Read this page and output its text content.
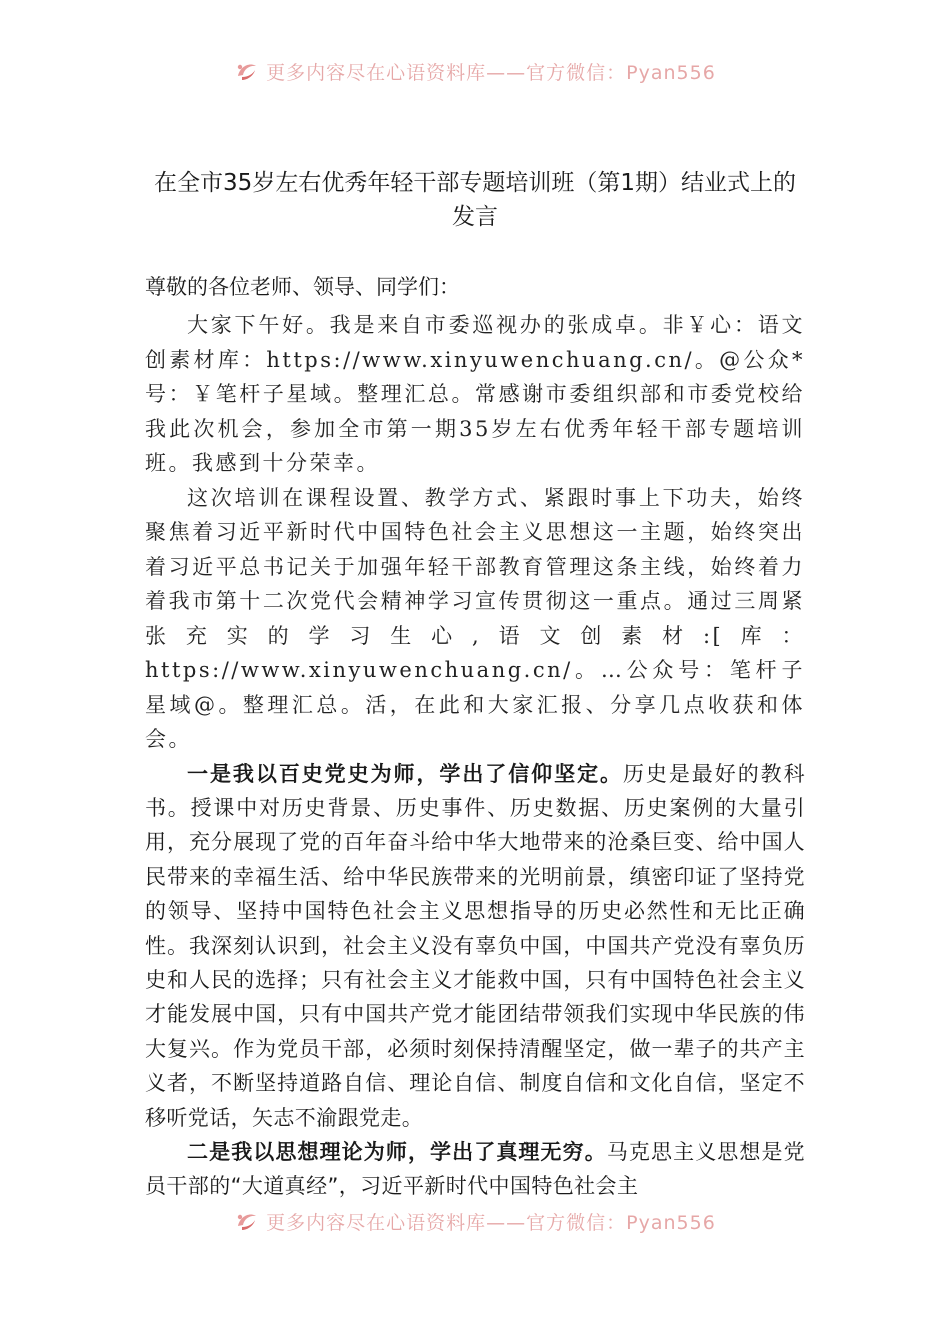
更多内容尽在心语资料库——官方微信：Pyan556
在全市35岁左右优秀年轻干部专题培训班（第1期）结业式上的发言

尊敬的各位老师、领导、同学们：

大家下午好。我是来自市委巡视办的张成卓。非￥心：语文创素材库：https://www.xinyuwenchuang.cn/。@公众*号：￥笔杆子星域。整理汇总。常感谢市委组织部和市委党校给我此次机会，参加全市第一期35岁左右优秀年轻干部专题培训班。我感到十分荣幸。

这次培训在课程设置、教学方式、紧跟时事上下功夫，始终聚焦着习近平新时代中国特色社会主义思想这一主题，始终突出着习近平总书记关于加强年轻干部教育管理这条主线，始终着力着我市第十二次党代会精神学习宣传贯彻这一重点。通过三周紧张充实的学习生心,语文创素材:[库：https://www.xinyuwenchuang.cn/。…公众号：笔杆子星域@。整理汇总。活，在此和大家汇报、分享几点收获和体会。

一是我以百史党史为师，学出了信仰坚定。历史是最好的教科书。授课中对历史背景、历史事件、历史数据、历史案例的大量引用，充分展现了党的百年奋斗给中华大地带来的沧桑巨变、给中国人民带来的幸福生活、给中华民族带来的光明前景，缜密印证了坚持党的领导、坚持中国特色社会主义思想指导的历史必然性和无比正确性。我深刻认识到，社会主义没有辜负中国，中国共产党没有辜负历史和人民的选择；只有社会主义才能救中国，只有中国特色社会主义才能发展中国，只有中国共产党才能团结带领我们实现中华民族的伟大复兴。作为党员干部，必须时刻保持清醒坚定，做一辈子的共产主义者，不断坚持道路自信、理论自信、制度自信和文化自信，坚定不移听党话，矢志不渝跟党走。

二是我以思想理论为师，学出了真理无穷。马克思主义思想是党员干部的“大道真经”，习近平新时代中国特色社会主

更多内容尽在心语资料库——官方微信：Pyan556
